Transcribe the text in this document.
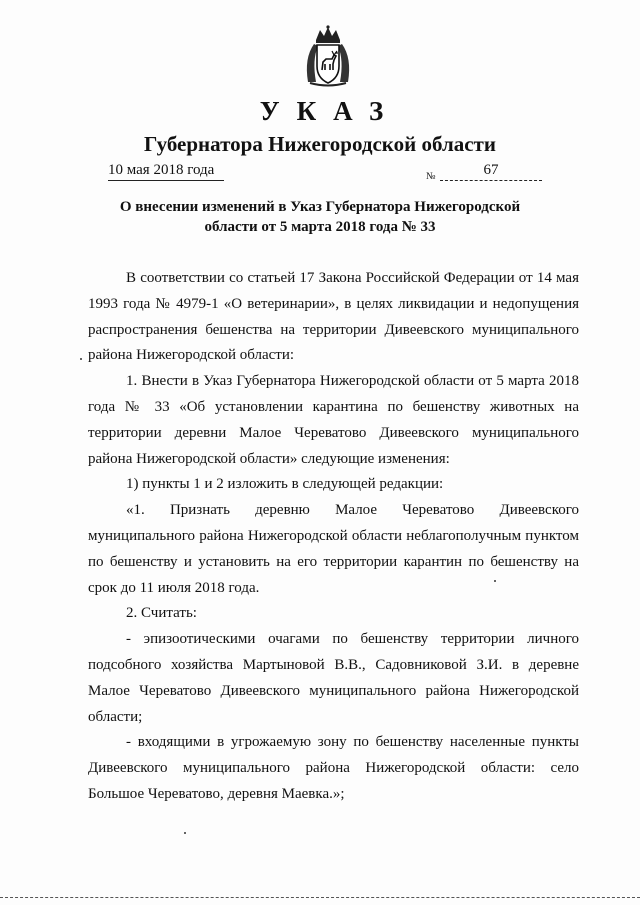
УКАЗ
Губернатора Нижегородской области
10 мая 2018 года	№	67
О внесении изменений в Указ Губернатора Нижегородской
области от 5 марта 2018 года № 33

В соответствии со статьей 17 Закона Российской Федерации от 14 мая 1993 года № 4979-1 «О ветеринарии», в целях ликвидации и недопущения распространения бешенства на территории Дивеевского муниципального района Нижегородской области:

1. Внести в Указ Губернатора Нижегородской области от 5 марта 2018 года № 33 «Об установлении карантина по бешенству животных на территории деревни Малое Череватово Дивеевского муниципального района Нижегородской области» следующие изменения:

1) пункты 1 и 2 изложить в следующей редакции:

«1. Признать деревню Малое Череватово Дивеевского муниципального района Нижегородской области неблагополучным пунктом по бешенству и установить на его территории карантин по бешенству на срок до 11 июля 2018 года.

2. Считать:

- эпизоотическими очагами по бешенству территории личного подсобного хозяйства Мартыновой В.В., Садовниковой З.И. в деревне Малое Череватово Дивеевского муниципального района Нижегородской области;

- входящими в угрожаемую зону по бешенству населенные пункты Дивеевского муниципального района Нижегородской области: село Большое Череватово, деревня Маевка.»;
